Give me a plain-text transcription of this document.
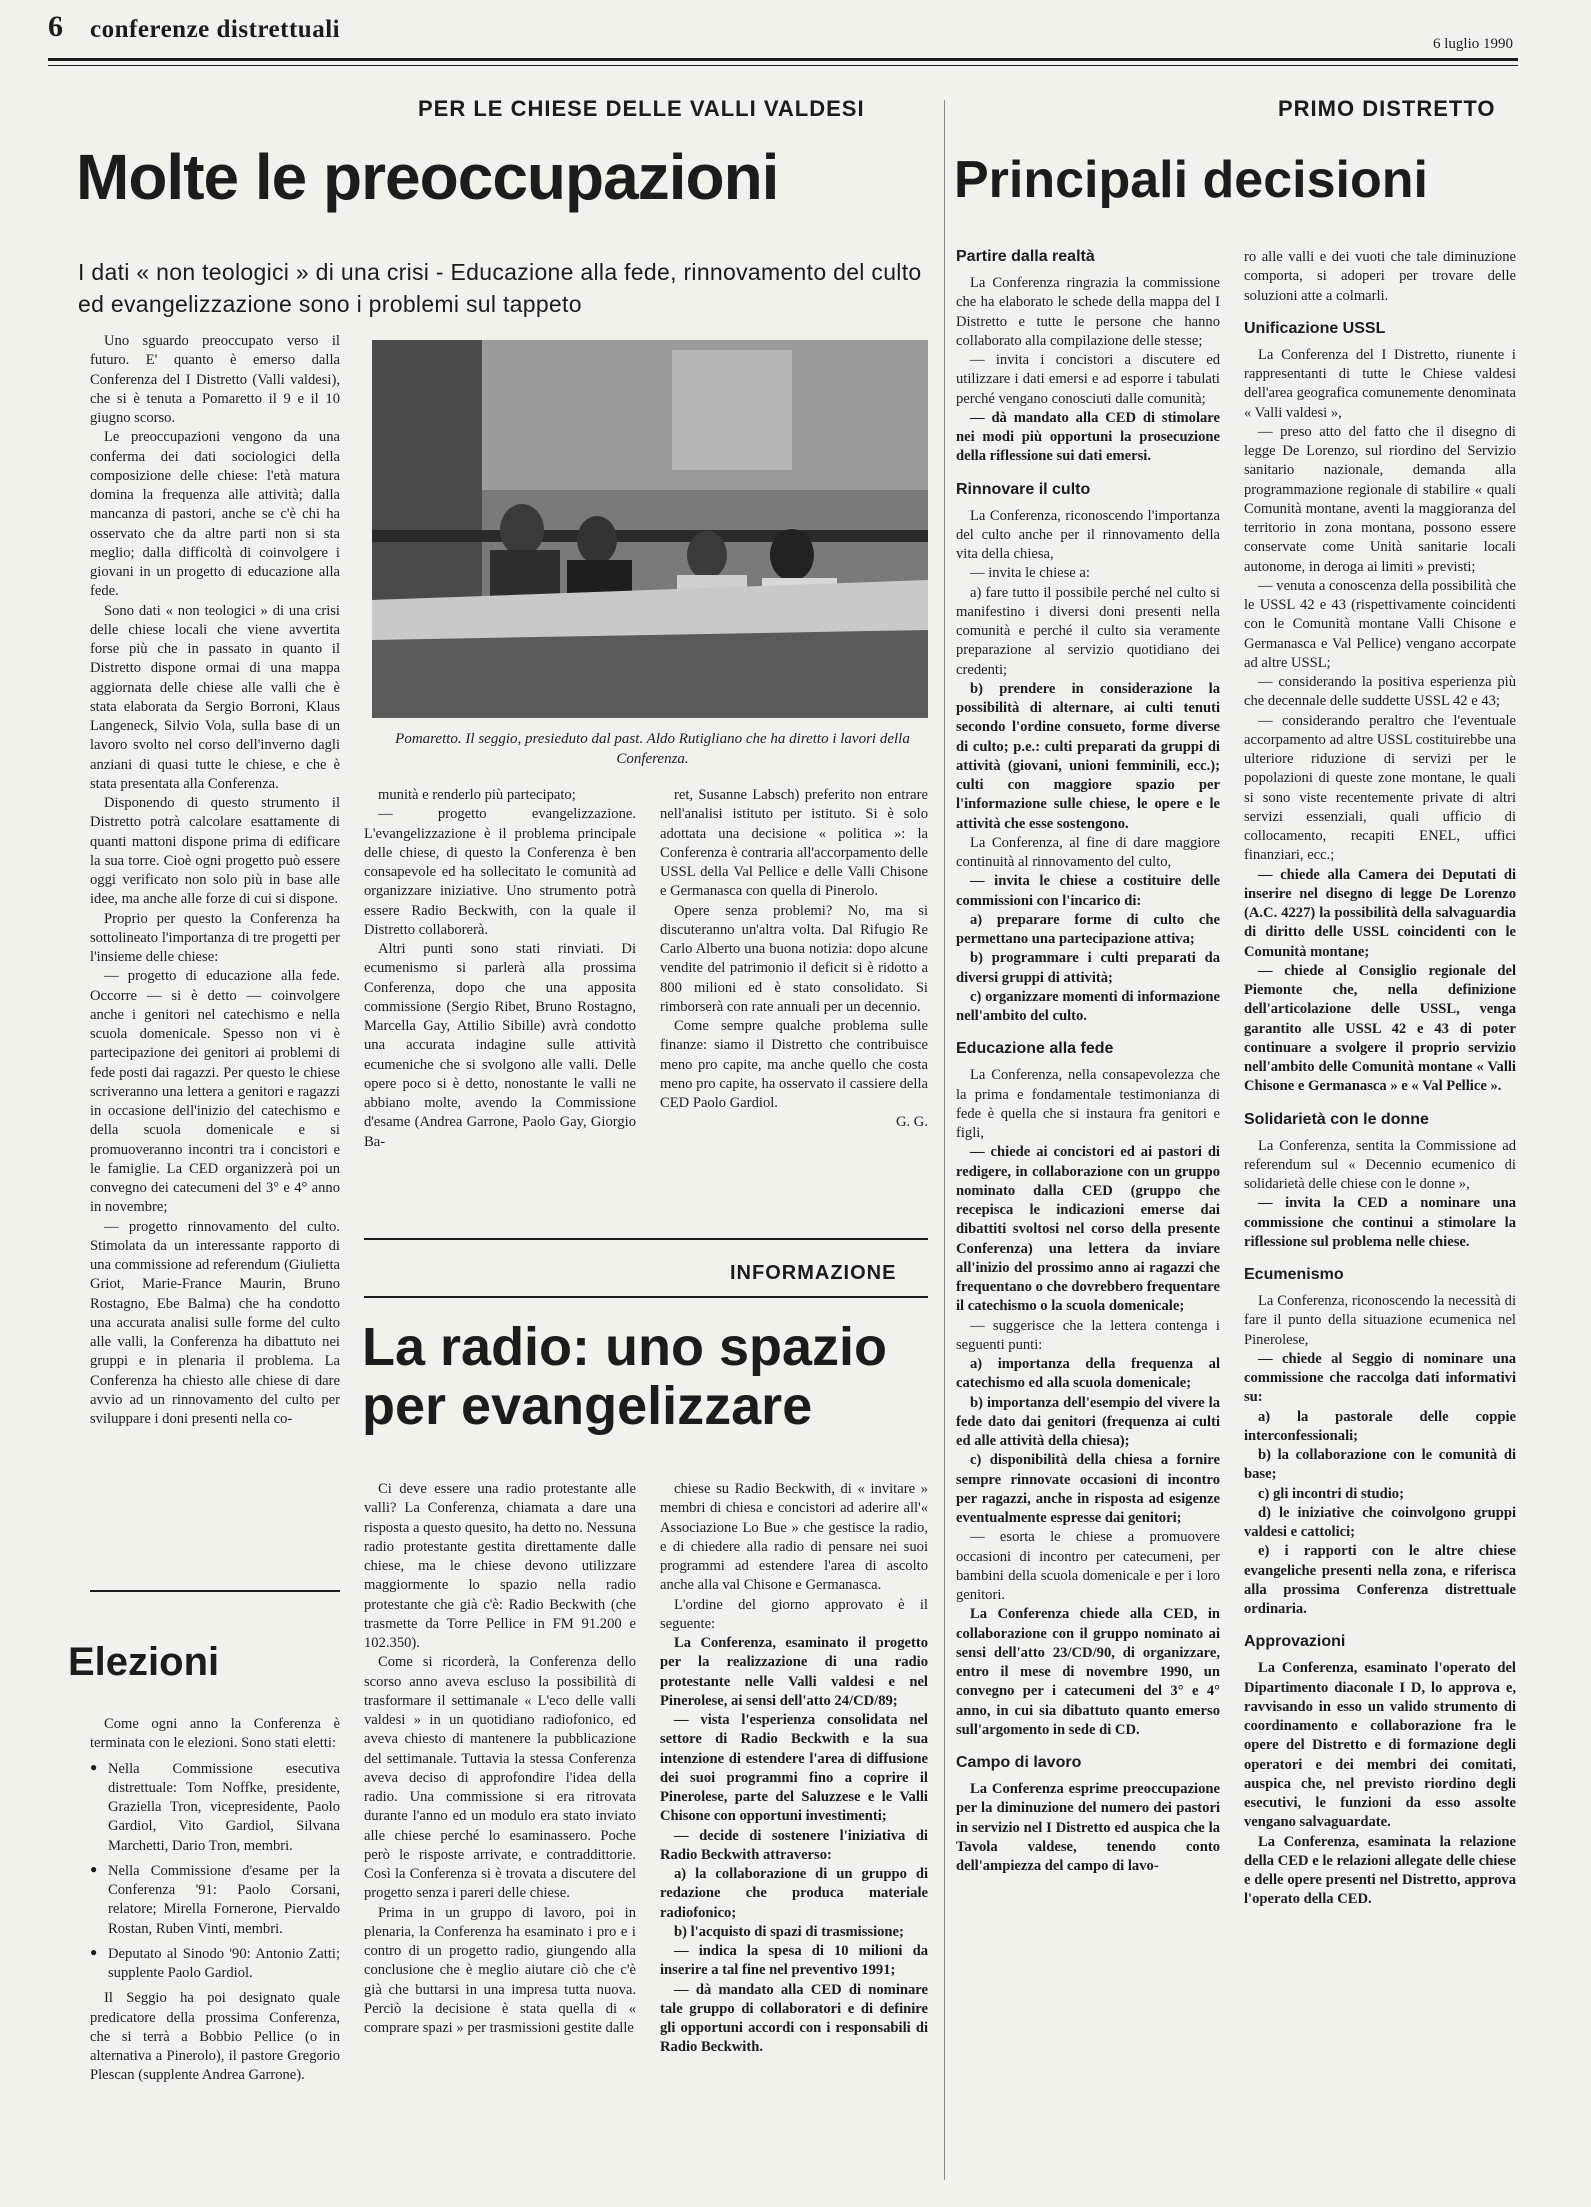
6 conferenze distrettuali
6 luglio 1990
PER LE CHIESE DELLE VALLI VALDESI
Molte le preoccupazioni
I dati « non teologici » di una crisi - Educazione alla fede, rinnovamento del culto ed evangelizzazione sono i problemi sul tappeto

Uno sguardo preoccupato verso il futuro. E' quanto è emerso dalla Conferenza del I Distretto (Valli valdesi), che si è tenuta a Pomaretto il 9 e il 10 giugno scorso.

Le preoccupazioni vengono da una conferma dei dati sociologici della composizione delle chiese: l'età matura domina la frequenza alle attività; dalla mancanza di pastori, anche se c'è chi ha osservato che da altre parti non si sta meglio; dalla difficoltà di coinvolgere i giovani in un progetto di educazione alla fede.

Sono dati « non teologici » di una crisi delle chiese locali che viene avvertita forse più che in passato in quanto il Distretto dispone ormai di una mappa aggiornata delle chiese alle valli che è stata elaborata da Sergio Borroni, Klaus Langeneck, Silvio Vola, sulla base di un lavoro svolto nel corso dell'inverno dagli anziani di quasi tutte le chiese, e che è stata presentata alla Conferenza.

Disponendo di questo strumento il Distretto potrà calcolare esattamente di quanti mattoni dispone prima di edificare la sua torre. Cioè ogni progetto può essere oggi verificato non solo più in base alle idee, ma anche alle forze di cui si dispone.

Proprio per questo la Conferenza ha sottolineato l'importanza di tre progetti per l'insieme delle chiese:

— progetto di educazione alla fede. Occorre — si è detto — coinvolgere anche i genitori nel catechismo e nella scuola domenicale. Spesso non vi è partecipazione dei genitori ai problemi di fede posti dai ragazzi. Per questo le chiese scriveranno una lettera a genitori e ragazzi in occasione dell'inizio del catechismo e della scuola domenicale e si promuoveranno incontri tra i concistori e le famiglie. La CED organizzerà poi un convegno dei catecumeni del 3° e 4° anno in novembre;

— progetto rinnovamento del culto. Stimolata da un interessante rapporto di una commissione ad referendum (Giulietta Griot, Marie-France Maurin, Bruno Rostagno, Ebe Balma) che ha condotto una accurata analisi sulle forme del culto alle valli, la Conferenza ha dibattuto nei gruppi e in plenaria il problema. La Conferenza ha chiesto alle chiese di dare avvio ad un rinnovamento del culto per sviluppare i doni presenti nella co-

Pomaretto. Il seggio, presieduto dal past. Aldo Rutigliano che ha diretto i lavori della Conferenza.

munità e renderlo più partecipato;

— progetto evangelizzazione. L'evangelizzazione è il problema principale delle chiese, di questo la Conferenza è ben consapevole ed ha sollecitato le comunità ad organizzare iniziative. Uno strumento potrà essere Radio Beckwith, con la quale il Distretto collaborerà.

Altri punti sono stati rinviati. Di ecumenismo si parlerà alla prossima Conferenza, dopo che una apposita commissione (Sergio Ribet, Bruno Rostagno, Marcella Gay, Attilio Sibille) avrà condotto una accurata indagine sulle attività ecumeniche che si svolgono alle valli. Delle opere poco si è detto, nonostante le valli ne abbiano molte, avendo la Commissione d'esame (Andrea Garrone, Paolo Gay, Giorgio Ba-

ret, Susanne Labsch) preferito non entrare nell'analisi istituto per istituto. Si è solo adottata una decisione « politica »: la Conferenza è contraria all'accorpamento delle USSL della Val Pellice e delle Valli Chisone e Germanasca con quella di Pinerolo.

Opere senza problemi? No, ma si discuteranno un'altra volta. Dal Rifugio Re Carlo Alberto una buona notizia: dopo alcune vendite del patrimonio il deficit si è ridotto a 800 milioni ed è stato consolidato. Si rimborserà con rate annuali per un decennio.

Come sempre qualche problema sulle finanze: siamo il Distretto che contribuisce meno pro capite, ma anche quello che costa meno pro capite, ha osservato il cassiere della CED Paolo Gardiol.

G. G.

Elezioni

Come ogni anno la Conferenza è terminata con le elezioni. Sono stati eletti:

● Nella Commissione esecutiva distrettuale: Tom Noffke, presidente, Graziella Tron, vicepresidente, Paolo Gardiol, Vito Gardiol, Silvana Marchetti, Dario Tron, membri.
● Nella Commissione d'esame per la Conferenza '91: Paolo Corsani, relatore; Mirella Fornerone, Piervaldo Rostan, Ruben Vinti, membri.
● Deputato al Sinodo '90: Antonio Zatti; supplente Paolo Gardiol.

Il Seggio ha poi designato quale predicatore della prossima Conferenza, che si terrà a Bobbio Pellice (o in alternativa a Pinerolo), il pastore Gregorio Plescan (supplente Andrea Garrone).

INFORMAZIONE
La radio: uno spazio per evangelizzare

Ci deve essere una radio protestante alle valli? La Conferenza, chiamata a dare una risposta a questo quesito, ha detto no. Nessuna radio protestante gestita direttamente dalle chiese, ma le chiese devono utilizzare maggiormente lo spazio nella radio protestante che già c'è: Radio Beckwith (che trasmette da Torre Pellice in FM 91.200 e 102.350).

Come si ricorderà, la Conferenza dello scorso anno aveva escluso la possibilità di trasformare il settimanale « L'eco delle valli valdesi » in un quotidiano radiofonico, ed aveva chiesto di mantenere la pubblicazione del settimanale. Tuttavia la stessa Conferenza aveva deciso di approfondire l'idea della radio. Una commissione si era ritrovata durante l'anno ed un modulo era stato inviato alle chiese perché lo esaminassero. Poche però le risposte arrivate, e contraddittorie. Così la Conferenza si è trovata a discutere del progetto senza i pareri delle chiese.

Prima in un gruppo di lavoro, poi in plenaria, la Conferenza ha esaminato i pro e i contro di un progetto radio, giungendo alla conclusione che è meglio aiutare ciò che c'è già che buttarsi in una impresa tutta nuova. Perciò la decisione è stata quella di « comprare spazi » per trasmissioni gestite dalle

chiese su Radio Beckwith, di « invitare » membri di chiesa e concistori ad aderire all'« Associazione Lo Bue » che gestisce la radio, e di chiedere alla radio di pensare nei suoi programmi ad estendere l'area di ascolto anche alla val Chisone e Germanasca.

L'ordine del giorno approvato è il seguente:

La Conferenza, esaminato il progetto per la realizzazione di una radio protestante nelle Valli valdesi e nel Pinerolese, ai sensi dell'atto 24/CD/89;

— vista l'esperienza consolidata nel settore di Radio Beckwith e la sua intenzione di estendere l'area di diffusione dei suoi programmi fino a coprire il Pinerolese, parte del Saluzzese e le Valli Chisone con opportuni investimenti;

— decide di sostenere l'iniziativa di Radio Beckwith attraverso:

a) la collaborazione di un gruppo di redazione che produca materiale radiofonico;

b) l'acquisto di spazi di trasmissione;

— indica la spesa di 10 milioni da inserire a tal fine nel preventivo 1991;

— dà mandato alla CED di nominare tale gruppo di collaboratori e di definire gli opportuni accordi con i responsabili di Radio Beckwith.

PRIMO DISTRETTO
Principali decisioni
Partire dalla realtà

La Conferenza ringrazia la commissione che ha elaborato le schede della mappa del I Distretto e tutte le persone che hanno collaborato alla compilazione delle stesse;

— invita i concistori a discutere ed utilizzare i dati emersi e ad esporre i tabulati perché vengano conosciuti dalle comunità;

— dà mandato alla CED di stimolare nei modi più opportuni la prosecuzione della riflessione sui dati emersi.

Rinnovare il culto

La Conferenza, riconoscendo l'importanza del culto anche per il rinnovamento della vita della chiesa,

— invita le chiese a:

a) fare tutto il possibile perché nel culto si manifestino i diversi doni presenti nella comunità e perché il culto sia veramente preparazione al servizio quotidiano dei credenti;

b) prendere in considerazione la possibilità di alternare, ai culti tenuti secondo l'ordine consueto, forme diverse di culto; p.e.: culti preparati da gruppi di attività (giovani, unioni femminili, ecc.); culti con maggiore spazio per l'informazione sulle chiese, le opere e le attività che esse sostengono.

La Conferenza, al fine di dare maggiore continuità al rinnovamento del culto,

— invita le chiese a costituire delle commissioni con l'incarico di:

a) preparare forme di culto che permettano una partecipazione attiva;

b) programmare i culti preparati da diversi gruppi di attività;

c) organizzare momenti di informazione nell'ambito del culto.

Educazione alla fede

La Conferenza, nella consapevolezza che la prima e fondamentale testimonianza di fede è quella che si instaura fra genitori e figli,

— chiede ai concistori ed ai pastori di redigere, in collaborazione con un gruppo nominato dalla CED (gruppo che recepisca le indicazioni emerse dai dibattiti svoltosi nel corso della presente Conferenza) una lettera da inviare all'inizio del prossimo anno ai ragazzi che frequentano o che dovrebbero frequentare il catechismo o la scuola domenicale;

— suggerisce che la lettera contenga i seguenti punti:

a) importanza della frequenza al catechismo ed alla scuola domenicale;

b) importanza dell'esempio del vivere la fede dato dai genitori (frequenza ai culti ed alle attività della chiesa);

c) disponibilità della chiesa a fornire sempre rinnovate occasioni di incontro per ragazzi, anche in risposta ad esigenze eventualmente espresse dai genitori;

— esorta le chiese a promuovere occasioni di incontro per catecumeni, per bambini della scuola domenicale e per i loro genitori.

La Conferenza chiede alla CED, in collaborazione con il gruppo nominato ai sensi dell'atto 23/CD/90, di organizzare, entro il mese di novembre 1990, un convegno per i catecumeni del 3° e 4° anno, in cui sia dibattuto quanto emerso sull'argomento in sede di CD.

Campo di lavoro

La Conferenza esprime preoccupazione per la diminuzione del numero dei pastori in servizio nel I Distretto ed auspica che la Tavola valdese, tenendo conto dell'ampiezza del campo di lavo-

ro alle valli e dei vuoti che tale diminuzione comporta, si adoperi per trovare delle soluzioni atte a colmarli.

Unificazione USSL

La Conferenza del I Distretto, riunente i rappresentanti di tutte le Chiese valdesi dell'area geografica comunemente denominata « Valli valdesi »,

— preso atto del fatto che il disegno di legge De Lorenzo, sul riordino del Servizio sanitario nazionale, demanda alla programmazione regionale di stabilire « quali Comunità montane, aventi la maggioranza del territorio in zona montana, possono essere conservate come Unità sanitarie locali autonome, in deroga ai limiti » previsti;

— venuta a conoscenza della possibilità che le USSL 42 e 43 (rispettivamente coincidenti con le Comunità montane Valli Chisone e Germanasca e Val Pellice) vengano accorpate ad altre USSL;

— considerando la positiva esperienza più che decennale delle suddette USSL 42 e 43;

— considerando peraltro che l'eventuale accorpamento ad altre USSL costituirebbe una ulteriore riduzione di servizi per le popolazioni di queste zone montane, le quali si sono viste recentemente private di altri servizi essenziali, quali ufficio di collocamento, recapiti ENEL, uffici finanziari, ecc.;

— chiede alla Camera dei Deputati di inserire nel disegno di legge De Lorenzo (A.C. 4227) la possibilità della salvaguardia di diritto delle USSL coincidenti con le Comunità montane;

— chiede al Consiglio regionale del Piemonte che, nella definizione dell'articolazione delle USSL, venga garantito alle USSL 42 e 43 di poter continuare a svolgere il proprio servizio nell'ambito delle Comunità montane « Valli Chisone e Germanasca » e « Val Pellice ».

Solidarietà con le donne

La Conferenza, sentita la Commissione ad referendum sul « Decennio ecumenico di solidarietà delle chiese con le donne »,

— invita la CED a nominare una commissione che continui a stimolare la riflessione sul problema nelle chiese.

Ecumenismo

La Conferenza, riconoscendo la necessità di fare il punto della situazione ecumenica nel Pinerolese,

— chiede al Seggio di nominare una commissione che raccolga dati informativi su:

a) la pastorale delle coppie interconfessionali;

b) la collaborazione con le comunità di base;

c) gli incontri di studio;

d) le iniziative che coinvolgono gruppi valdesi e cattolici;

e) i rapporti con le altre chiese evangeliche presenti nella zona, e riferisca alla prossima Conferenza distrettuale ordinaria.

Approvazioni

La Conferenza, esaminato l'operato del Dipartimento diaconale I D, lo approva e, ravvisando in esso un valido strumento di coordinamento e collaborazione fra le opere del Distretto e di formazione degli operatori e dei membri dei comitati, auspica che, nel previsto riordino degli esecutivi, le funzioni da esso assolte vengano salvaguardate.

La Conferenza, esaminata la relazione della CED e le relazioni allegate delle chiese e delle opere presenti nel Distretto, approva l'operato della CED.
